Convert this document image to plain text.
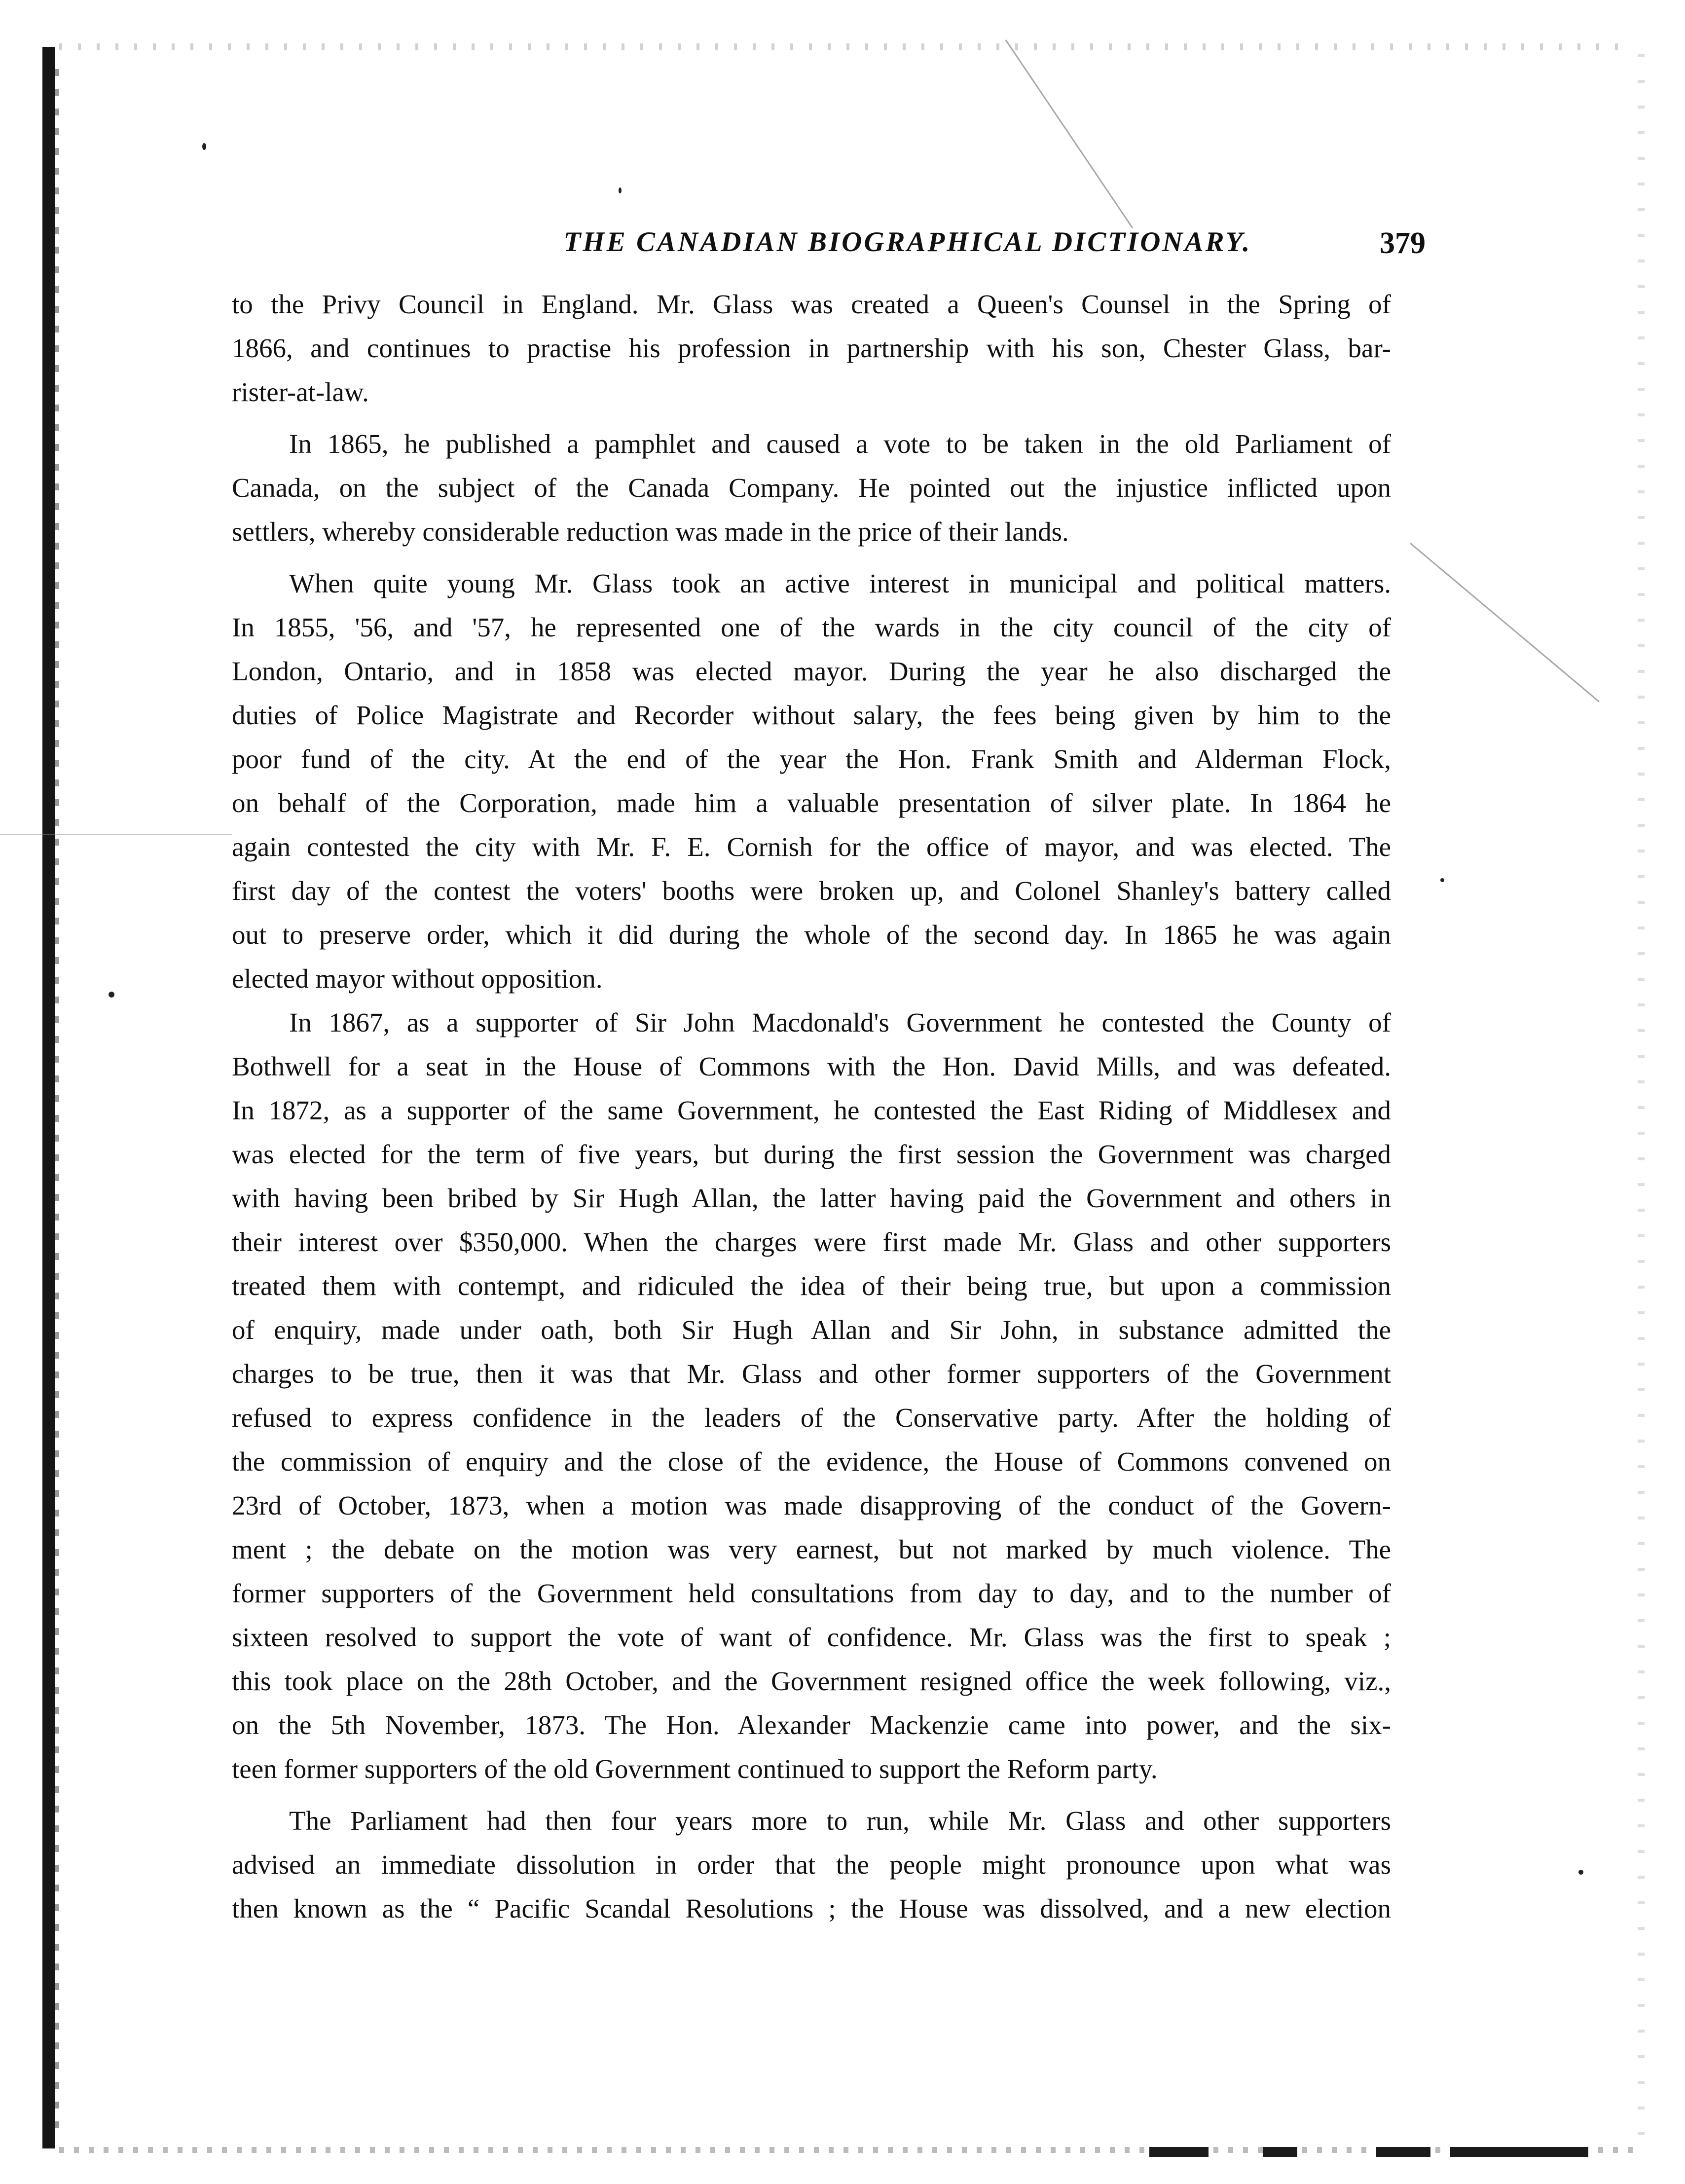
THE CANADIAN BIOGRAPHICAL DICTIONARY.	379
to the Privy Council in England. Mr. Glass was created a Queen's Counsel in the Spring of
1866, and continues to practise his profession in partnership with his son, Chester Glass, bar-
rister-at-law.
In 1865, he published a pamphlet and caused a vote to be taken in the old Parliament of
Canada, on the subject of the Canada Company. He pointed out the injustice inflicted upon
settlers, whereby considerable reduction was made in the price of their lands.
When quite young Mr. Glass took an active interest in municipal and political matters.
In 1855, '56, and '57, he represented one of the wards in the city council of the city of
London, Ontario, and in 1858 was elected mayor. During the year he also discharged the
duties of Police Magistrate and Recorder without salary, the fees being given by him to the
poor fund of the city. At the end of the year the Hon. Frank Smith and Alderman Flock,
on behalf of the Corporation, made him a valuable presentation of silver plate. In 1864 he
again contested the city with Mr. F. E. Cornish for the office of mayor, and was elected. The
first day of the contest the voters' booths were broken up, and Colonel Shanley's battery called
out to preserve order, which it did during the whole of the second day. In 1865 he was again
elected mayor without opposition.
In 1867, as a supporter of Sir John Macdonald's Government he contested the County of
Bothwell for a seat in the House of Commons with the Hon. David Mills, and was defeated.
In 1872, as a supporter of the same Government, he contested the East Riding of Middlesex and
was elected for the term of five years, but during the first session the Government was charged
with having been bribed by Sir Hugh Allan, the latter having paid the Government and others in
their interest over $350,000. When the charges were first made Mr. Glass and other supporters
treated them with contempt, and ridiculed the idea of their being true, but upon a commission
of enquiry, made under oath, both Sir Hugh Allan and Sir John, in substance admitted the
charges to be true, then it was that Mr. Glass and other former supporters of the Government
refused to express confidence in the leaders of the Conservative party. After the holding of
the commission of enquiry and the close of the evidence, the House of Commons convened on
23rd of October, 1873, when a motion was made disapproving of the conduct of the Govern-
ment ; the debate on the motion was very earnest, but not marked by much violence. The
former supporters of the Government held consultations from day to day, and to the number of
sixteen resolved to support the vote of want of confidence. Mr. Glass was the first to speak ;
this took place on the 28th October, and the Government resigned office the week following, viz.,
on the 5th November, 1873. The Hon. Alexander Mackenzie came into power, and the six-
teen former supporters of the old Government continued to support the Reform party.
The Parliament had then four years more to run, while Mr. Glass and other supporters
advised an immediate dissolution in order that the people might pronounce upon what was
then known as the “ Pacific Scandal Resolutions ; the House was dissolved, and a new election
